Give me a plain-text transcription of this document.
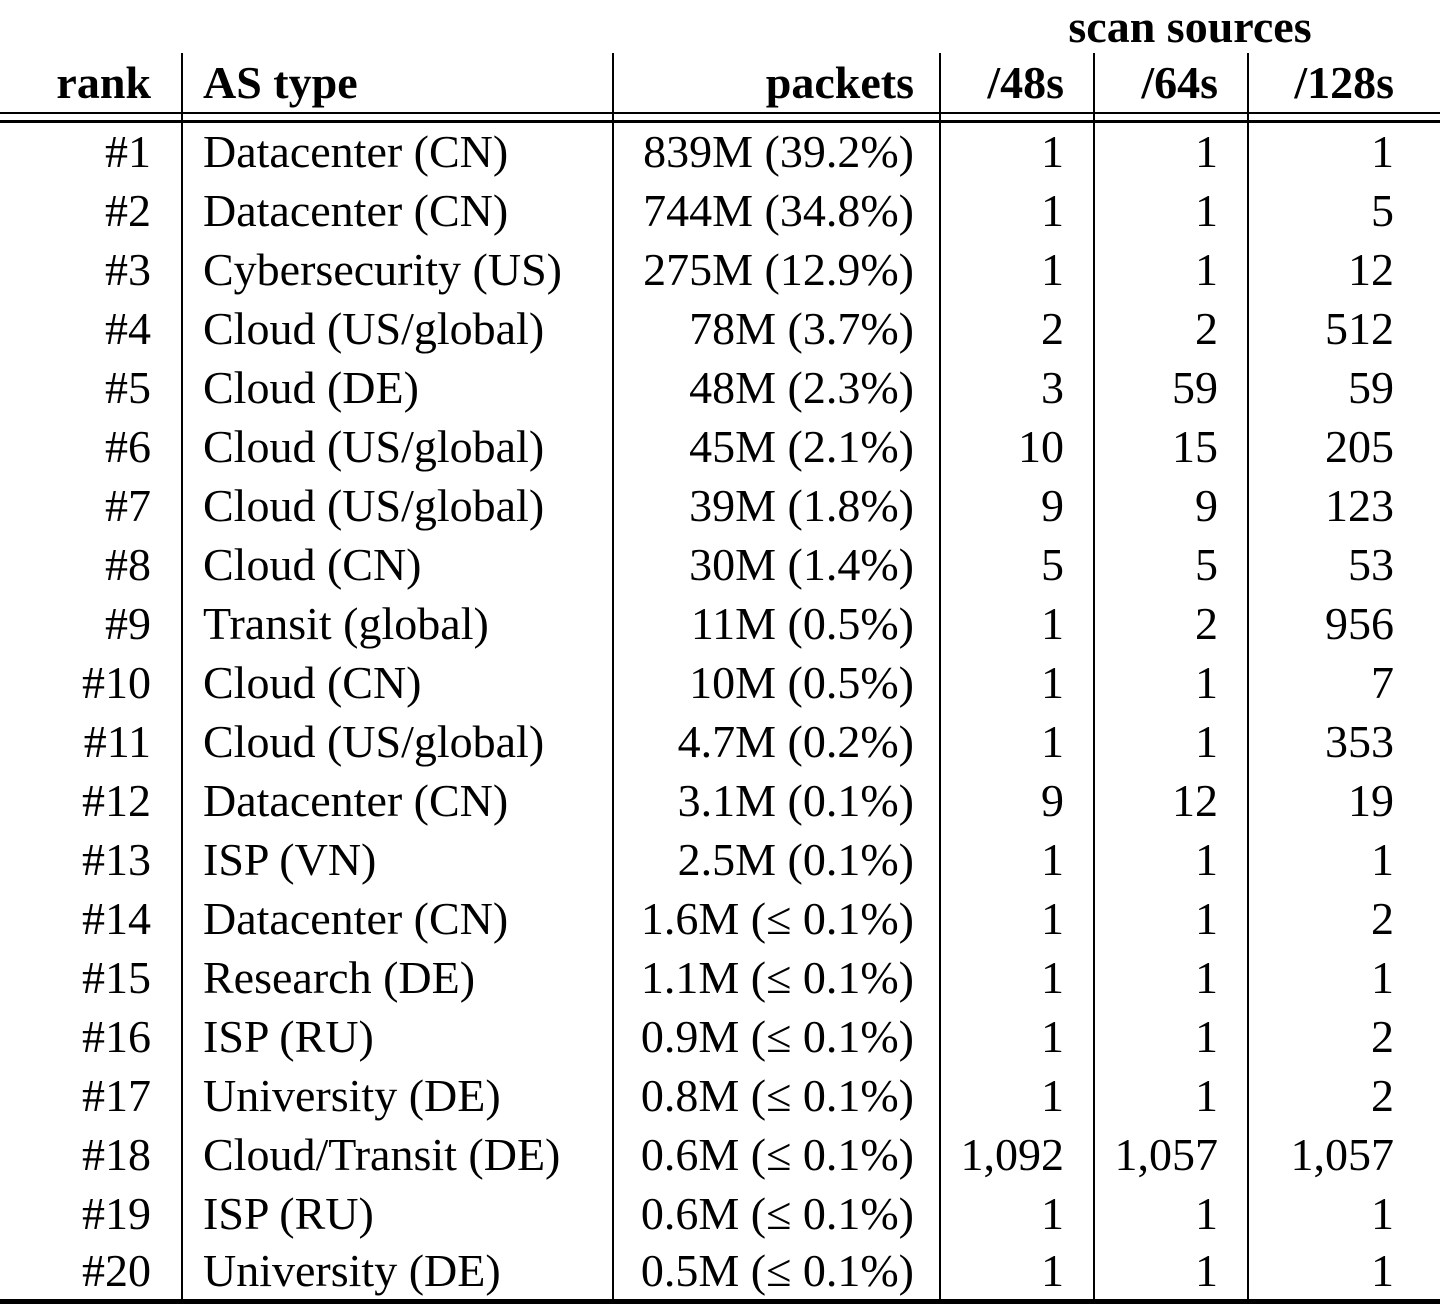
			scan sources		
rank	AS type	packets	/48s	/64s	/128s

#1	Datacenter (CN)	839M (39.2%)	1	1	1
#2	Datacenter (CN)	744M (34.8%)	1	1	5
#3	Cybersecurity (US)	275M (12.9%)	1	1	12
#4	Cloud (US/global)	78M (3.7%)	2	2	512
#5	Cloud (DE)	48M (2.3%)	3	59	59
#6	Cloud (US/global)	45M (2.1%)	10	15	205
#7	Cloud (US/global)	39M (1.8%)	9	9	123
#8	Cloud (CN)	30M (1.4%)	5	5	53
#9	Transit (global)	11M (0.5%)	1	2	956
#10	Cloud (CN)	10M (0.5%)	1	1	7
#11	Cloud (US/global)	4.7M (0.2%)	1	1	353
#12	Datacenter (CN)	3.1M (0.1%)	9	12	19
#13	ISP (VN)	2.5M (0.1%)	1	1	1
#14	Datacenter (CN)	1.6M (≤ 0.1%)	1	1	2
#15	Research (DE)	1.1M (≤ 0.1%)	1	1	1
#16	ISP (RU)	0.9M (≤ 0.1%)	1	1	2
#17	University (DE)	0.8M (≤ 0.1%)	1	1	2
#18	Cloud/Transit (DE)	0.6M (≤ 0.1%)	1,092	1,057	1,057
#19	ISP (RU)	0.6M (≤ 0.1%)	1	1	1
#20	University (DE)	0.5M (≤ 0.1%)	1	1	1
